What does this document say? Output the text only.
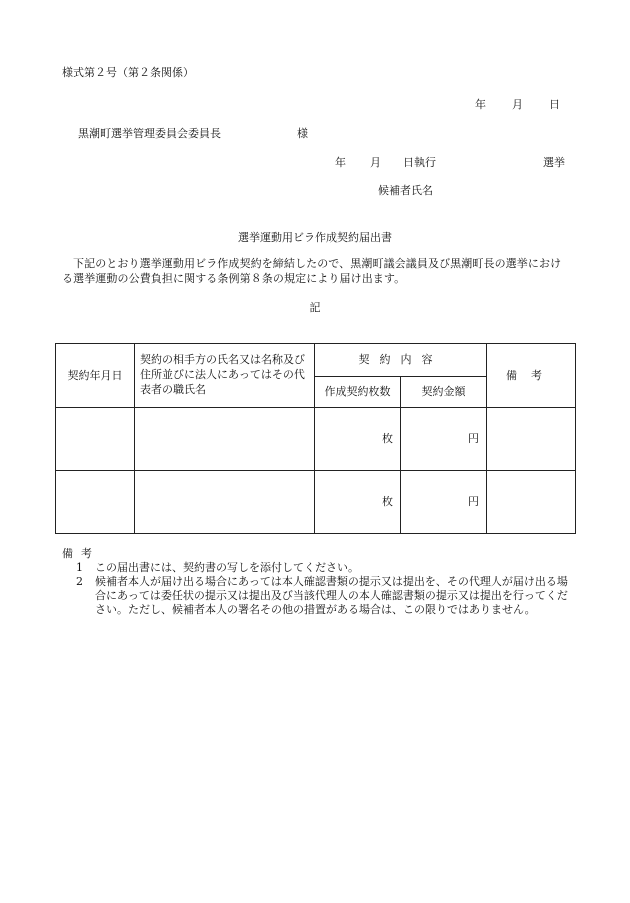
様式第２号（第２条関係）
年 月 日
黒潮町選挙管理委員会委員長	様
年 月 日執行	選挙
候補者氏名
選挙運動用ビラ作成契約届出書
下記のとおり選挙運動用ビラ作成契約を締結したので、黒潮町議会議員及び黒潮町長の選挙における選挙運動の公費負担に関する条例第８条の規定により届け出ます。
記
契約年月日	契約の相手方の氏名又は名称及び住所並びに法人にあってはその代表者の職氏名	契約内容		備考
		作成契約枚数	契約金額	
		枚	円	
		枚	円	
備考
1 この届出書には、契約書の写しを添付してください。
2 候補者本人が届け出る場合にあっては本人確認書類の提示又は提出を、その代理人が届け出る場合にあっては委任状の提示又は提出及び当該代理人の本人確認書類の提示又は提出を行ってください。ただし、候補者本人の署名その他の措置がある場合は、この限りではありません。
